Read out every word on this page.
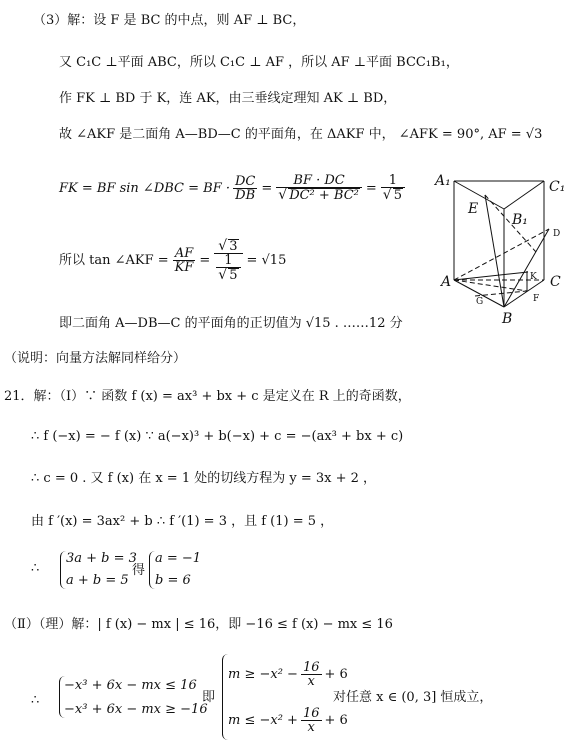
（3）解：设 F 是 BC 的中点，则 AF ⊥ BC，
又 C₁C ⊥平面 ABC，所以 C₁C ⊥ AF ，所以 AF ⊥平面 BCC₁B₁，
作 FK ⊥ BD 于 K，连 AK，由三垂线定理知 AK ⊥ BD，
故 ∠AKF 是二面角 A—BD—C 的平面角，在 ΔAKF 中， ∠AFK = 90°, AF = √3
FK = BF sin ∠DBC = BF · $\frac{DC}{DB} = \frac{BF \cdot DC}{\text{√ DC² + BC²}} = \frac{1}{√ 5}$
所以 tan ∠AKF = $\frac{AF}{KF} = \frac{√ 3}{\frac{1}{√ 5}} = √15$
即二面角 A—DB—C 的平面角的正切值为 √15 . ……12 分
（说明：向量方法解同样给分）
21．解：（Ⅰ）∵ 函数 f (x) = ax³ + bx + c 是定义在 R 上的奇函数，
∴ f (−x) = − f (x) ∵ a(−x)³ + b(−x) + c = −(ax³ + bx + c)
∴ c = 0 . 又 f (x) 在 x = 1 处的切线方程为 y = 3x + 2 ，
由 f ′(x) = 3ax² + b ∴ f ′(1) = 3 ，且 f (1) = 5 ，
∴
3a + b = 3
a + b = 5
得
a = −1
b = 6
（Ⅱ）（理）解：| f (x) − mx | ≤ 16，即 −16 ≤ f (x) − mx ≤ 16
∴
−x³ + 6x − mx ≤ 16
−x³ + 6x − mx ≥ −16
即
$m \ge -x^2 - \frac{16}{x} + 6$
$m \le -x^2 + \frac{16}{x} + 6$
对任意 x ∈ (0, 3] 恒成立，
A₁	C₁
E
B₁
A	C
B
D
K
F
G
